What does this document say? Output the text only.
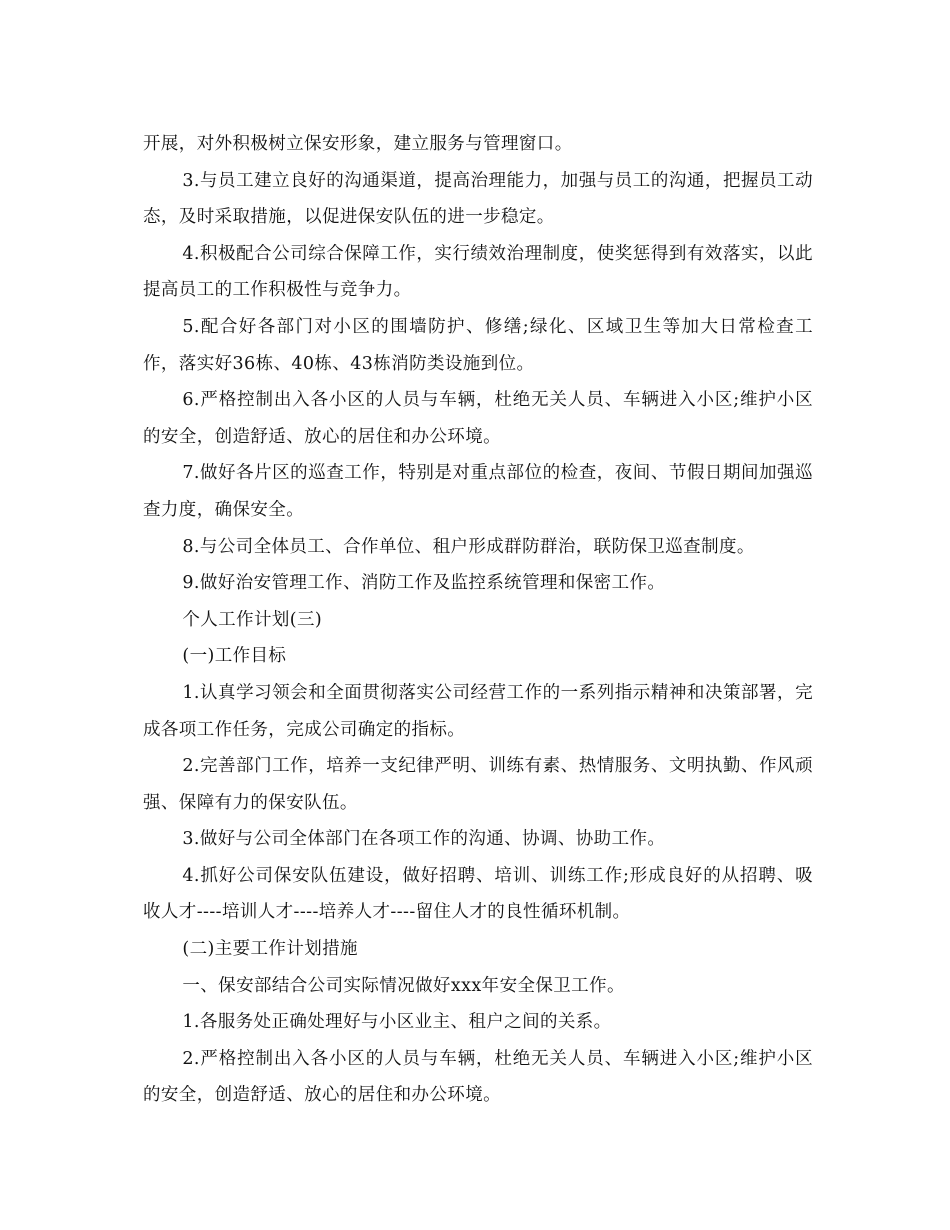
开展，对外积极树立保安形象，建立服务与管理窗口。

3.与员工建立良好的沟通渠道，提高治理能力，加强与员工的沟通，把握员工动态，及时采取措施，以促进保安队伍的进一步稳定。

4.积极配合公司综合保障工作，实行绩效治理制度，使奖惩得到有效落实，以此提高员工的工作积极性与竞争力。

5.配合好各部门对小区的围墙防护、修缮;绿化、区域卫生等加大日常检查工作，落实好36栋、40栋、43栋消防类设施到位。

6.严格控制出入各小区的人员与车辆，杜绝无关人员、车辆进入小区;维护小区的安全，创造舒适、放心的居住和办公环境。

7.做好各片区的巡查工作，特别是对重点部位的检查，夜间、节假日期间加强巡查力度，确保安全。

8.与公司全体员工、合作单位、租户形成群防群治，联防保卫巡查制度。

9.做好治安管理工作、消防工作及监控系统管理和保密工作。

个人工作计划(三)

(一)工作目标

1.认真学习领会和全面贯彻落实公司经营工作的一系列指示精神和决策部署，完成各项工作任务，完成公司确定的指标。

2.完善部门工作，培养一支纪律严明、训练有素、热情服务、文明执勤、作风顽强、保障有力的保安队伍。

3.做好与公司全体部门在各项工作的沟通、协调、协助工作。

4.抓好公司保安队伍建设，做好招聘、培训、训练工作;形成良好的从招聘、吸收人才----培训人才----培养人才----留住人才的良性循环机制。

(二)主要工作计划措施

一、保安部结合公司实际情况做好xxx年安全保卫工作。

1.各服务处正确处理好与小区业主、租户之间的关系。

2.严格控制出入各小区的人员与车辆，杜绝无关人员、车辆进入小区;维护小区的安全，创造舒适、放心的居住和办公环境。
